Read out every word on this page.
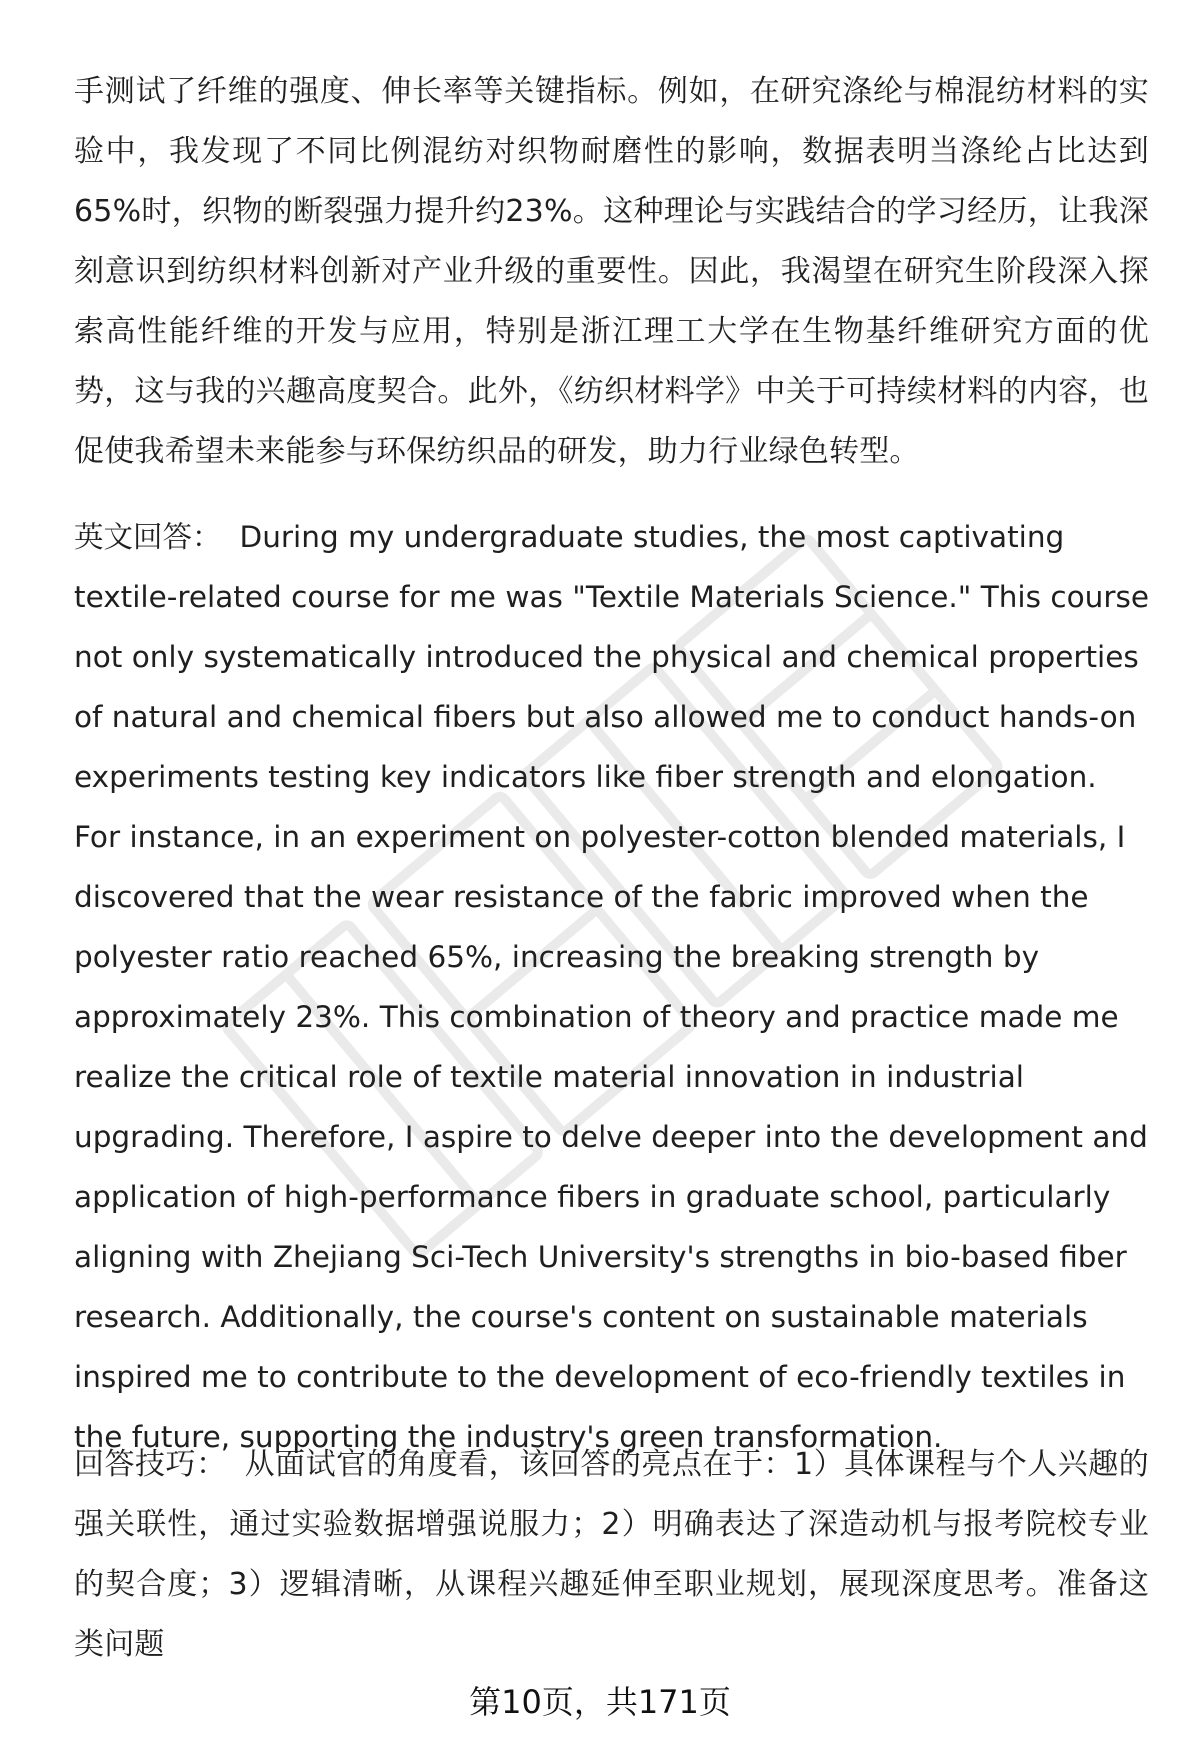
手测试了纤维的强度、伸长率等关键指标。例如，在研究涤纶与棉混纺材料的实验中，我发现了不同比例混纺对织物耐磨性的影响，数据表明当涤纶占比达到65%时，织物的断裂强力提升约23%。这种理论与实践结合的学习经历，让我深刻意识到纺织材料创新对产业升级的重要性。因此，我渴望在研究生阶段深入探索高性能纤维的开发与应用，特别是浙江理工大学在生物基纤维研究方面的优势，这与我的兴趣高度契合。此外，《纺织材料学》中关于可持续材料的内容，也促使我希望未来能参与环保纺织品的研发，助力行业绿色转型。

英文回答： During my undergraduate studies, the most captivating textile-related course for me was "Textile Materials Science." This course not only systematically introduced the physical and chemical properties of natural and chemical fibers but also allowed me to conduct hands-on experiments testing key indicators like fiber strength and elongation. For instance, in an experiment on polyester-cotton blended materials, I discovered that the wear resistance of the fabric improved when the polyester ratio reached 65%, increasing the breaking strength by approximately 23%. This combination of theory and practice made me realize the critical role of textile material innovation in industrial upgrading. Therefore, I aspire to delve deeper into the development and application of high-performance fibers in graduate school, particularly aligning with Zhejiang Sci-Tech University's strengths in bio-based fiber research. Additionally, the course's content on sustainable materials inspired me to contribute to the development of eco-friendly textiles in the future, supporting the industry's green transformation.

回答技巧： 从面试官的角度看，该回答的亮点在于：1）具体课程与个人兴趣的强关联性，通过实验数据增强说服力；2）明确表达了深造动机与报考院校专业的契合度；3）逻辑清晰，从课程兴趣延伸至职业规划，展现深度思考。准备这类问题

第10页，共171页
